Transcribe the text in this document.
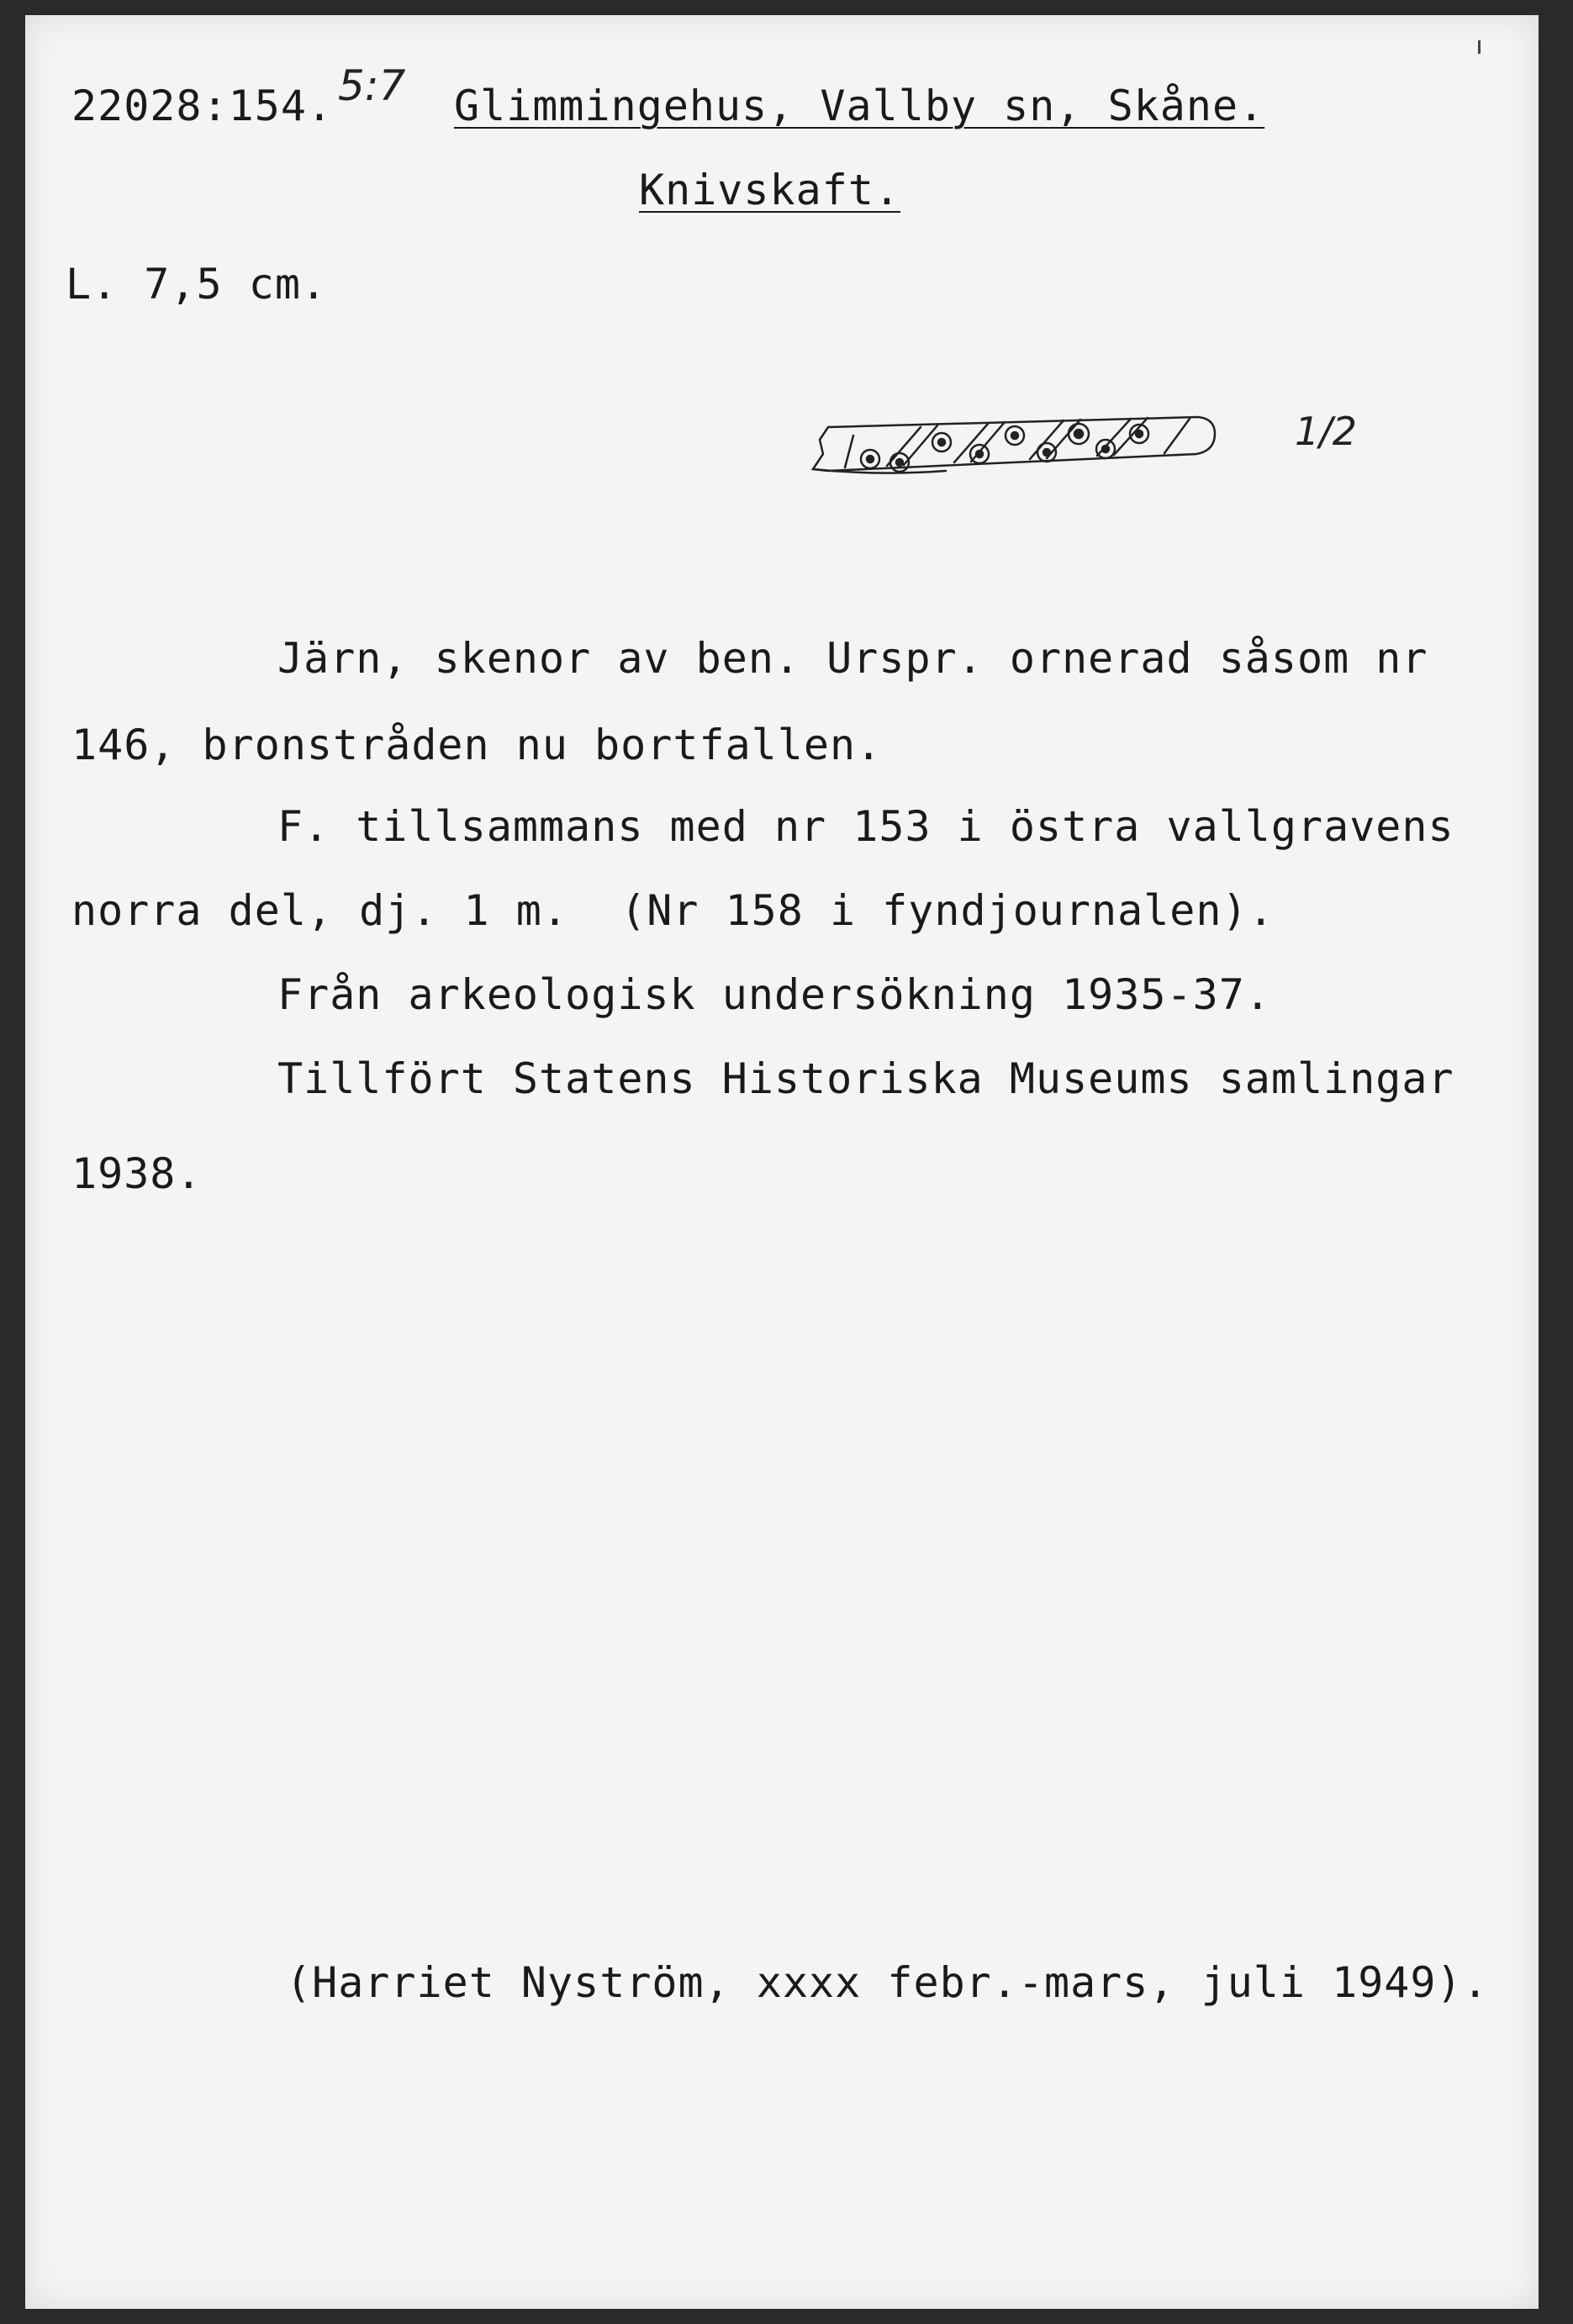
22028:154. 5:7 Glimmingehus, Vallby sn, Skåne.
Knivskaft.
L. 7,5 cm.
1/2
Järn, skenor av ben. Urspr. ornerad såsom nr
146, bronstråden nu bortfallen.
F. tillsammans med nr 153 i östra vallgravens
norra del, dj. 1 m.  (Nr 158 i fyndjournalen).
Från arkeologisk undersökning 1935-37.
Tillfört Statens Historiska Museums samlingar
1938.
(Harriet Nyström, xxxx febr.-mars, juli 1949).
